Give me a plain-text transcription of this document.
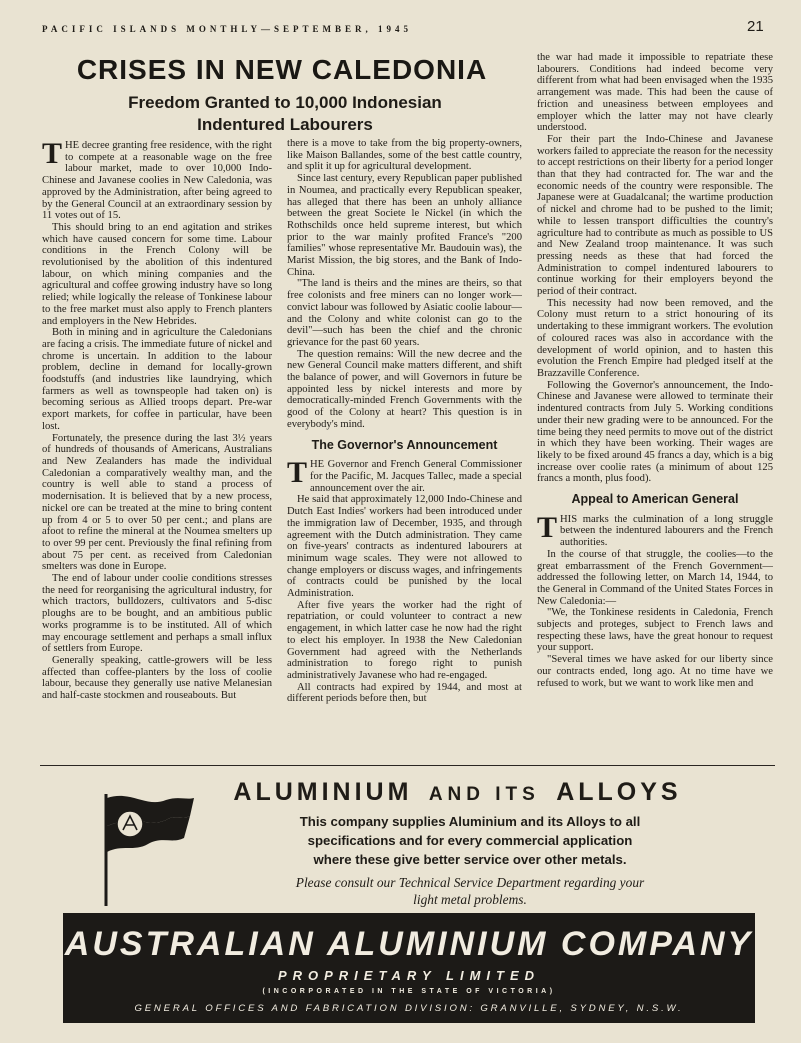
PACIFIC ISLANDS MONTHLY—SEPTEMBER, 1945	21
CRISES IN NEW CALEDONIA
Freedom Granted to 10,000 Indonesian
Indentured Labourers

THE decree granting free residence, with the right to compete at a reasonable wage on the free labour market, made to over 10,000 Indo-Chinese and Javanese coolies in New Caledonia, was approved by the Administration, after being agreed to by the General Council at an extraordinary session by 11 votes out of 15.

This should bring to an end agitation and strikes which have caused concern for some time. Labour conditions in the French Colony will be revolutionised by the abolition of this indentured labour, on which mining companies and the agricultural and coffee growing industry have so long relied; while logically the release of Tonkinese labour to the free market must also apply to French planters and employers in the New Hebrides.

Both in mining and in agriculture the Caledonians are facing a crisis. The immediate future of nickel and chrome is uncertain. In addition to the labour problem, decline in demand for locally-grown foodstuffs (and industries like laundrying, which farmers as well as townspeople had taken on) is becoming serious as Allied troops depart. Pre-war export markets, for coffee in particular, have been lost.

Fortunately, the presence during the last 3½ years of hundreds of thousands of Americans, Australians and New Zealanders has made the individual Caledonian a comparatively wealthy man, and the country is well able to stand a process of modernisation. It is believed that by a new process, nickel ore can be treated at the mine to bring content up from 4 or 5 to over 50 per cent.; and plans are afoot to refine the mineral at the Noumea smelters up to over 99 per cent. Previously the final refining from about 75 per cent. as received from Caledonian smelters was done in Europe.

The end of labour under coolie conditions stresses the need for reorganising the agricultural industry, for which tractors, bulldozers, cultivators and 5-disc ploughs are to be bought, and an ambitious public works programme is to be instituted. All of which may encourage settlement and perhaps a small influx of settlers from Europe.

Generally speaking, cattle-growers will be less affected than coffee-planters by the loss of coolie labour, because they generally use native Melanesian and half-caste stockmen and rouseabouts. But

there is a move to take from the big property-owners, like Maison Ballandes, some of the best cattle country, and split it up for agricultural development.

Since last century, every Republican paper published in Noumea, and practically every Republican speaker, has alleged that there has been an unholy alliance between the great Societe le Nickel (in which the Rothschilds once held supreme interest, but which prior to the war mainly profited France's "200 families" whose representative Mr. Baudouin was), the Marist Mission, the big stores, and the Bank of Indo-China.

"The land is theirs and the mines are theirs, so that free colonists and free miners can no longer work—convict labour was followed by Asiatic coolie labour—and the Colony and white colonist can go to the devil"—such has been the chief and the chronic grievance for the past 60 years.

The question remains: Will the new decree and the new General Council make matters different, and shift the balance of power, and will Governors in future be appointed less by nickel interests and more by democratically-minded French Governments with the good of the Colony at heart? This question is in everybody's mind.

The Governor's Announcement

THE Governor and French General Commissioner for the Pacific, M. Jacques Tallec, made a special announcement over the air.

He said that approximately 12,000 Indo-Chinese and Dutch East Indies' workers had been introduced under the immigration law of December, 1935, and through agreement with the Dutch administration. They came on five-years' contracts as indentured labourers at minimum wage scales. They were not allowed to change employers or discuss wages, and infringements of contracts could be punished by the local Administration.

After five years the worker had the right of repatriation, or could volunteer to contract a new engagement, in which latter case he now had the right to elect his employer. In 1938 the New Caledonian Government had agreed with the Netherlands administration to forego right to punish administratively Javanese who had re-engaged.

All contracts had expired by 1944, and most at different periods before then, but

the war had made it impossible to repatriate these labourers. Conditions had indeed become very different from what had been envisaged when the 1935 arrangement was made. This had been the cause of friction and uneasiness between employees and employer which the latter may not have clearly understood.

For their part the Indo-Chinese and Javanese workers failed to appreciate the reason for the necessity to accept restrictions on their liberty for a period longer than that they had contracted for. The war and the economic needs of the country were responsible. The Japanese were at Guadalcanal; the wartime production of nickel and chrome had to be pushed to the limit; while to lessen transport difficulties the country's agriculture had to contribute as much as possible to US and New Zealand troop maintenance. It was such pressing needs as these that had forced the Administration to compel indentured labourers to continue working for their employers beyond the period of their contract.

This necessity had now been removed, and the Colony must return to a strict honouring of its undertaking to these immigrant workers. The evolution of coloured races was also in accordance with the development of world opinion, and to hasten this evolution the French Empire had pledged itself at the Brazzaville Conference.

Following the Governor's announcement, the Indo-Chinese and Javanese were allowed to terminate their indentured contracts from July 5. Working conditions under their new grading were to be announced. For the time being they need permits to move out of the district in which they have been working. Their wages are likely to be fixed around 45 francs a day, which is a big increase over coolie rates (a minimum of about 125 francs a month, plus food).

Appeal to American General

THIS marks the culmination of a long struggle between the indentured labourers and the French authorities.

In the course of that struggle, the coolies—to the great embarrassment of the French Government—addressed the following letter, on March 14, 1944, to the General in Command of the United States Forces in New Caledonia:—

"We, the Tonkinese residents in Caledonia, French subjects and proteges, subject to French laws and respecting these laws, have the great honour to request your support.

"Several times we have asked for our liberty since our contracts ended, long ago. At no time have we refused to work, but we want to work like men and

ALUMINIUM AND ITS ALLOYS
This company supplies Aluminium and its Alloys to all
specifications and for every commercial application
where these give better service over other metals.
Please consult our Technical Service Department regarding your
light metal problems.
AUSTRALIAN ALUMINIUM COMPANY
PROPRIETARY LIMITED
(INCORPORATED IN THE STATE OF VICTORIA)
GENERAL OFFICES AND FABRICATION DIVISION: GRANVILLE, SYDNEY, N.S.W.
